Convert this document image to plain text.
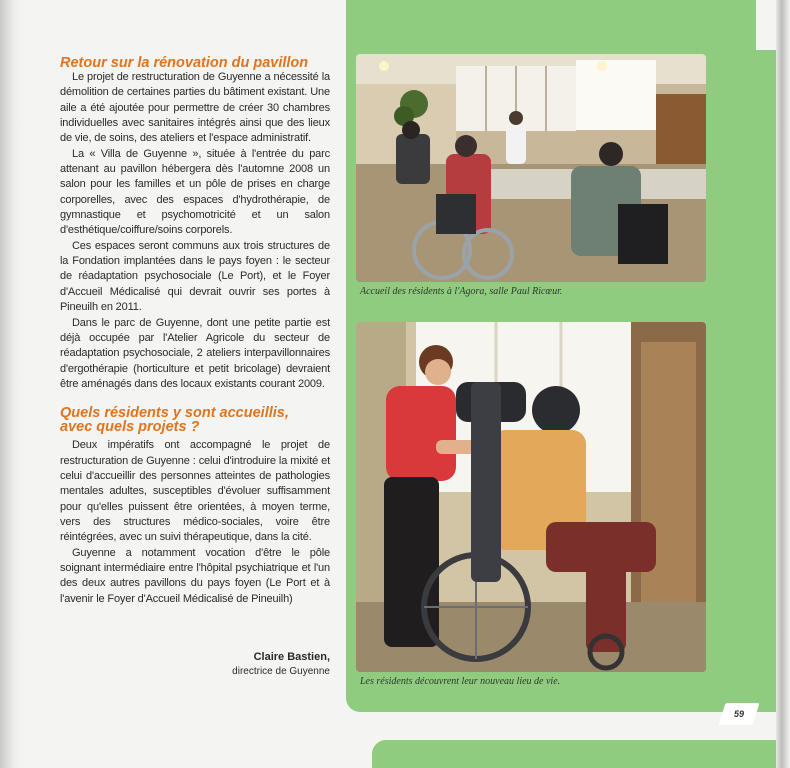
59
Retour sur la rénovation du pavillon

Le projet de restructuration de Guyenne a nécessité la démolition de certaines parties du bâtiment existant. Une aile a été ajoutée pour permettre de créer 30 chambres individuelles avec sanitaires intégrés ainsi que des lieux de vie, de soins, des ateliers et l'espace administratif.

La « Villa de Guyenne », située à l'entrée du parc attenant au pavillon hébergera dès l'automne 2008 un salon pour les familles et un pôle de prises en charge corporelles, avec des espaces d'hydrothérapie, de gymnastique et psychomotricité et un salon d'esthétique/coiffure/soins corporels.

Ces espaces seront communs aux trois structures de la Fondation implantées dans le pays foyen : le secteur de réadaptation psychosociale (Le Port), et le Foyer d'Accueil Médicalisé qui devrait ouvrir ses portes à Pineuilh en 2011.

Dans le parc de Guyenne, dont une petite partie est déjà occupée par l'Atelier Agricole du secteur de réadaptation psychosociale, 2 ateliers interpavillonnaires d'ergothérapie (horticulture et petit bricolage) devraient être aménagés dans des locaux existants courant 2009.

Quels résidents y sont accueillis,
avec quels projets ?

Deux impératifs ont accompagné le projet de restructuration de Guyenne : celui d'introduire la mixité et celui d'accueillir des personnes atteintes de pathologies mentales adultes, susceptibles d'évoluer suffisamment pour qu'elles puissent être orientées, à moyen terme, vers des structures médico-sociales, voire être réintégrées, avec un suivi thérapeutique, dans la cité.

Guyenne a notamment vocation d'être le pôle soignant intermédiaire entre l'hôpital psychiatrique et l'un des deux autres pavillons du pays foyen (Le Port et à l'avenir le Foyer d'Accueil Médicalisé de Pineuilh)

Claire Bastien,
directrice de Guyenne
Accueil des résidents à l'Agora, salle Paul Ricœur.
Les résidents découvrent leur nouveau lieu de vie.
